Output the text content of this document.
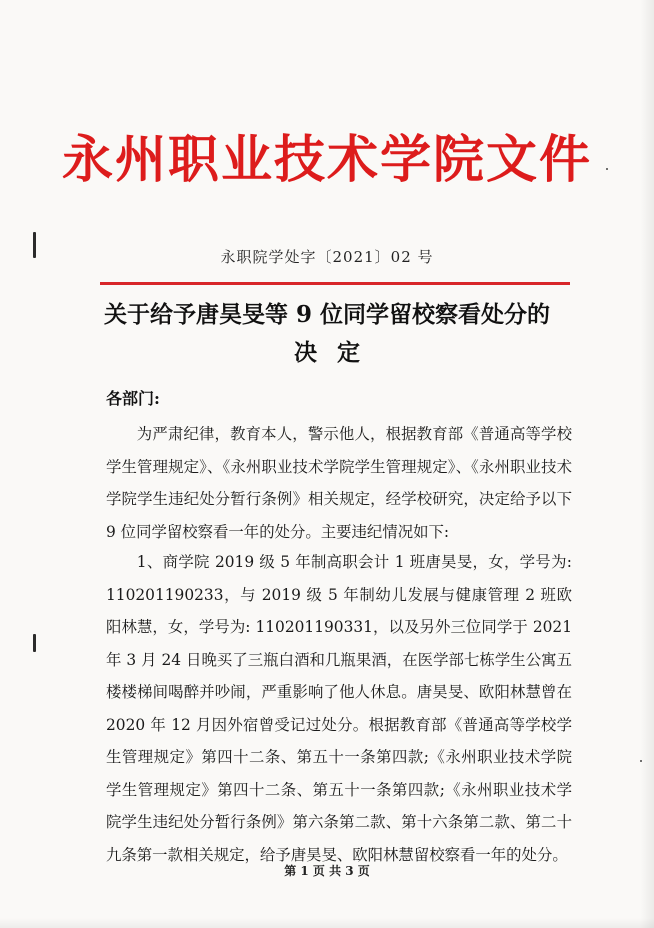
永州职业技术学院文件
永职院学处字〔2021〕02 号
关于给予唐昊旻等 9 位同学留校察看处分的
决定
各部门:

为严肃纪律，教育本人，警示他人，根据教育部《普通高等学校学生管理规定》、《永州职业技术学院学生管理规定》、《永州职业技术学院学生违纪处分暂行条例》相关规定，经学校研究，决定给予以下 9 位同学留校察看一年的处分。主要违纪情况如下:

1、商学院 2019 级 5 年制高职会计 1 班唐昊旻，女，学号为: 110201190233，与 2019 级 5 年制幼儿发展与健康管理 2 班欧阳林慧，女，学号为: 110201190331，以及另外三位同学于 2021 年 3 月 24 日晚买了三瓶白酒和几瓶果酒，在医学部七栋学生公寓五楼楼梯间喝醉并吵闹，严重影响了他人休息。唐昊旻、欧阳林慧曾在 2020 年 12 月因外宿曾受记过处分。根据教育部《普通高等学校学生管理规定》第四十二条、第五十一条第四款;《永州职业技术学院学生管理规定》第四十二条、第五十一条第四款;《永州职业技术学院学生违纪处分暂行条例》第六条第二款、第十六条第二款、第二十九条第一款相关规定，给予唐昊旻、欧阳林慧留校察看一年的处分。

第 1 页 共 3 页
